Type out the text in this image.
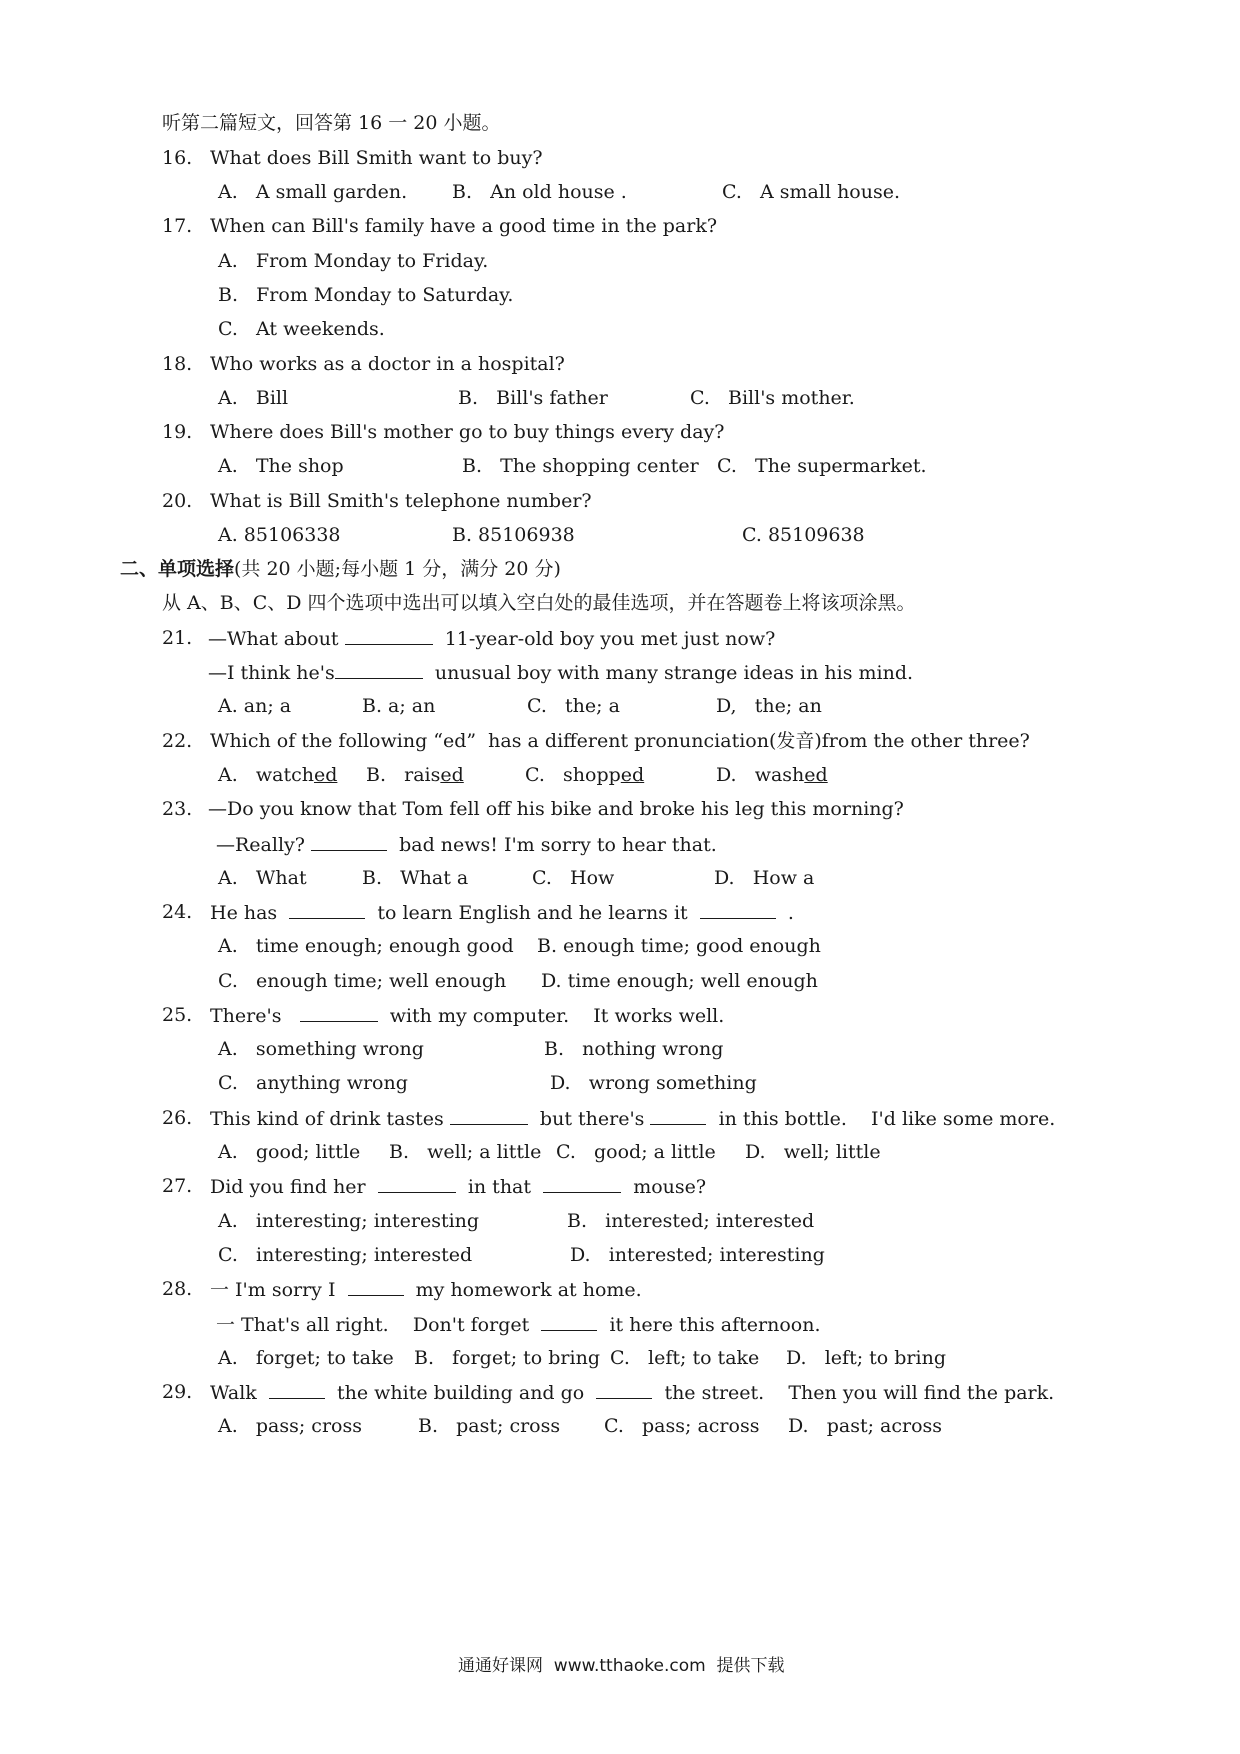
听第二篇短文，回答第 16 一 20 小题。
16. What does Bill Smith want to buy?
A.   A small garden. B.   An old house .	C.   A small house.
17. When can Bill's family have a good time in the park?
A.   From Monday to Friday.
B.   From Monday to Saturday.
C.   At weekends.
18. Who works as a doctor in a hospital?
A.   Bill	B.   Bill's father	C.   Bill's mother.
19. Where does Bill's mother go to buy things every day?
A.   The shop	B.   The shopping center C.   The supermarket.
20. What is Bill Smith's telephone number?
A. 85106338	B. 85106938	C. 85109638
二、单项选择(共 20 小题;每小题 1 分，满分 20 分)
从 A、B、C、D 四个选项中选出可以填入空白处的最佳选项，并在答题卷上将该项涂黑。
21. —What about	11-year-old boy you met just now?
—I think he's	unusual boy with many strange ideas in his mind.
A. an; a	B. a; an	C.   the; a	D,   the; an
22. Which of the following “ed”  has a different pronunciation(发音)from the other three?
A.   watched B.   raised	C.   shopped	D.   washed
23. —Do you know that Tom fell off his bike and broke his leg this morning?
—Really?	bad news! I'm sorry to hear that.
A.   What	B.   What a	C.   How	D.   How a
24. He has	to learn English and he learns it	.
A.   time enough; enough good B. enough time; good enough
C.   enough time; well enough D. time enough; well enough
25. There's	with my computer.    It works well.
A.   something wrong	B.   nothing wrong
C.   anything wrong	D.   wrong something
26. This kind of drink tastes	but there's	in this bottle.    I'd like some more.
A.   good; little B.   well; a little C.   good; a little D.   well; little
27. Did you find her	in that	mouse?
A.   interesting; interesting	B.   interested; interested
C.   interesting; interested	D.   interested; interesting
28. 一 I'm sorry I	my homework at home.
一 That's all right.    Don't forget	it here this afternoon.
A.   forget; to take B.   forget; to bring C.   left; to take D.   left; to bring
29. Walk	the white building and go	the street.    Then you will find the park.
A.   pass; cross	B.   past; cross C.   pass; across D.   past; across
通通好课网  www.tthaoke.com  提供下载
